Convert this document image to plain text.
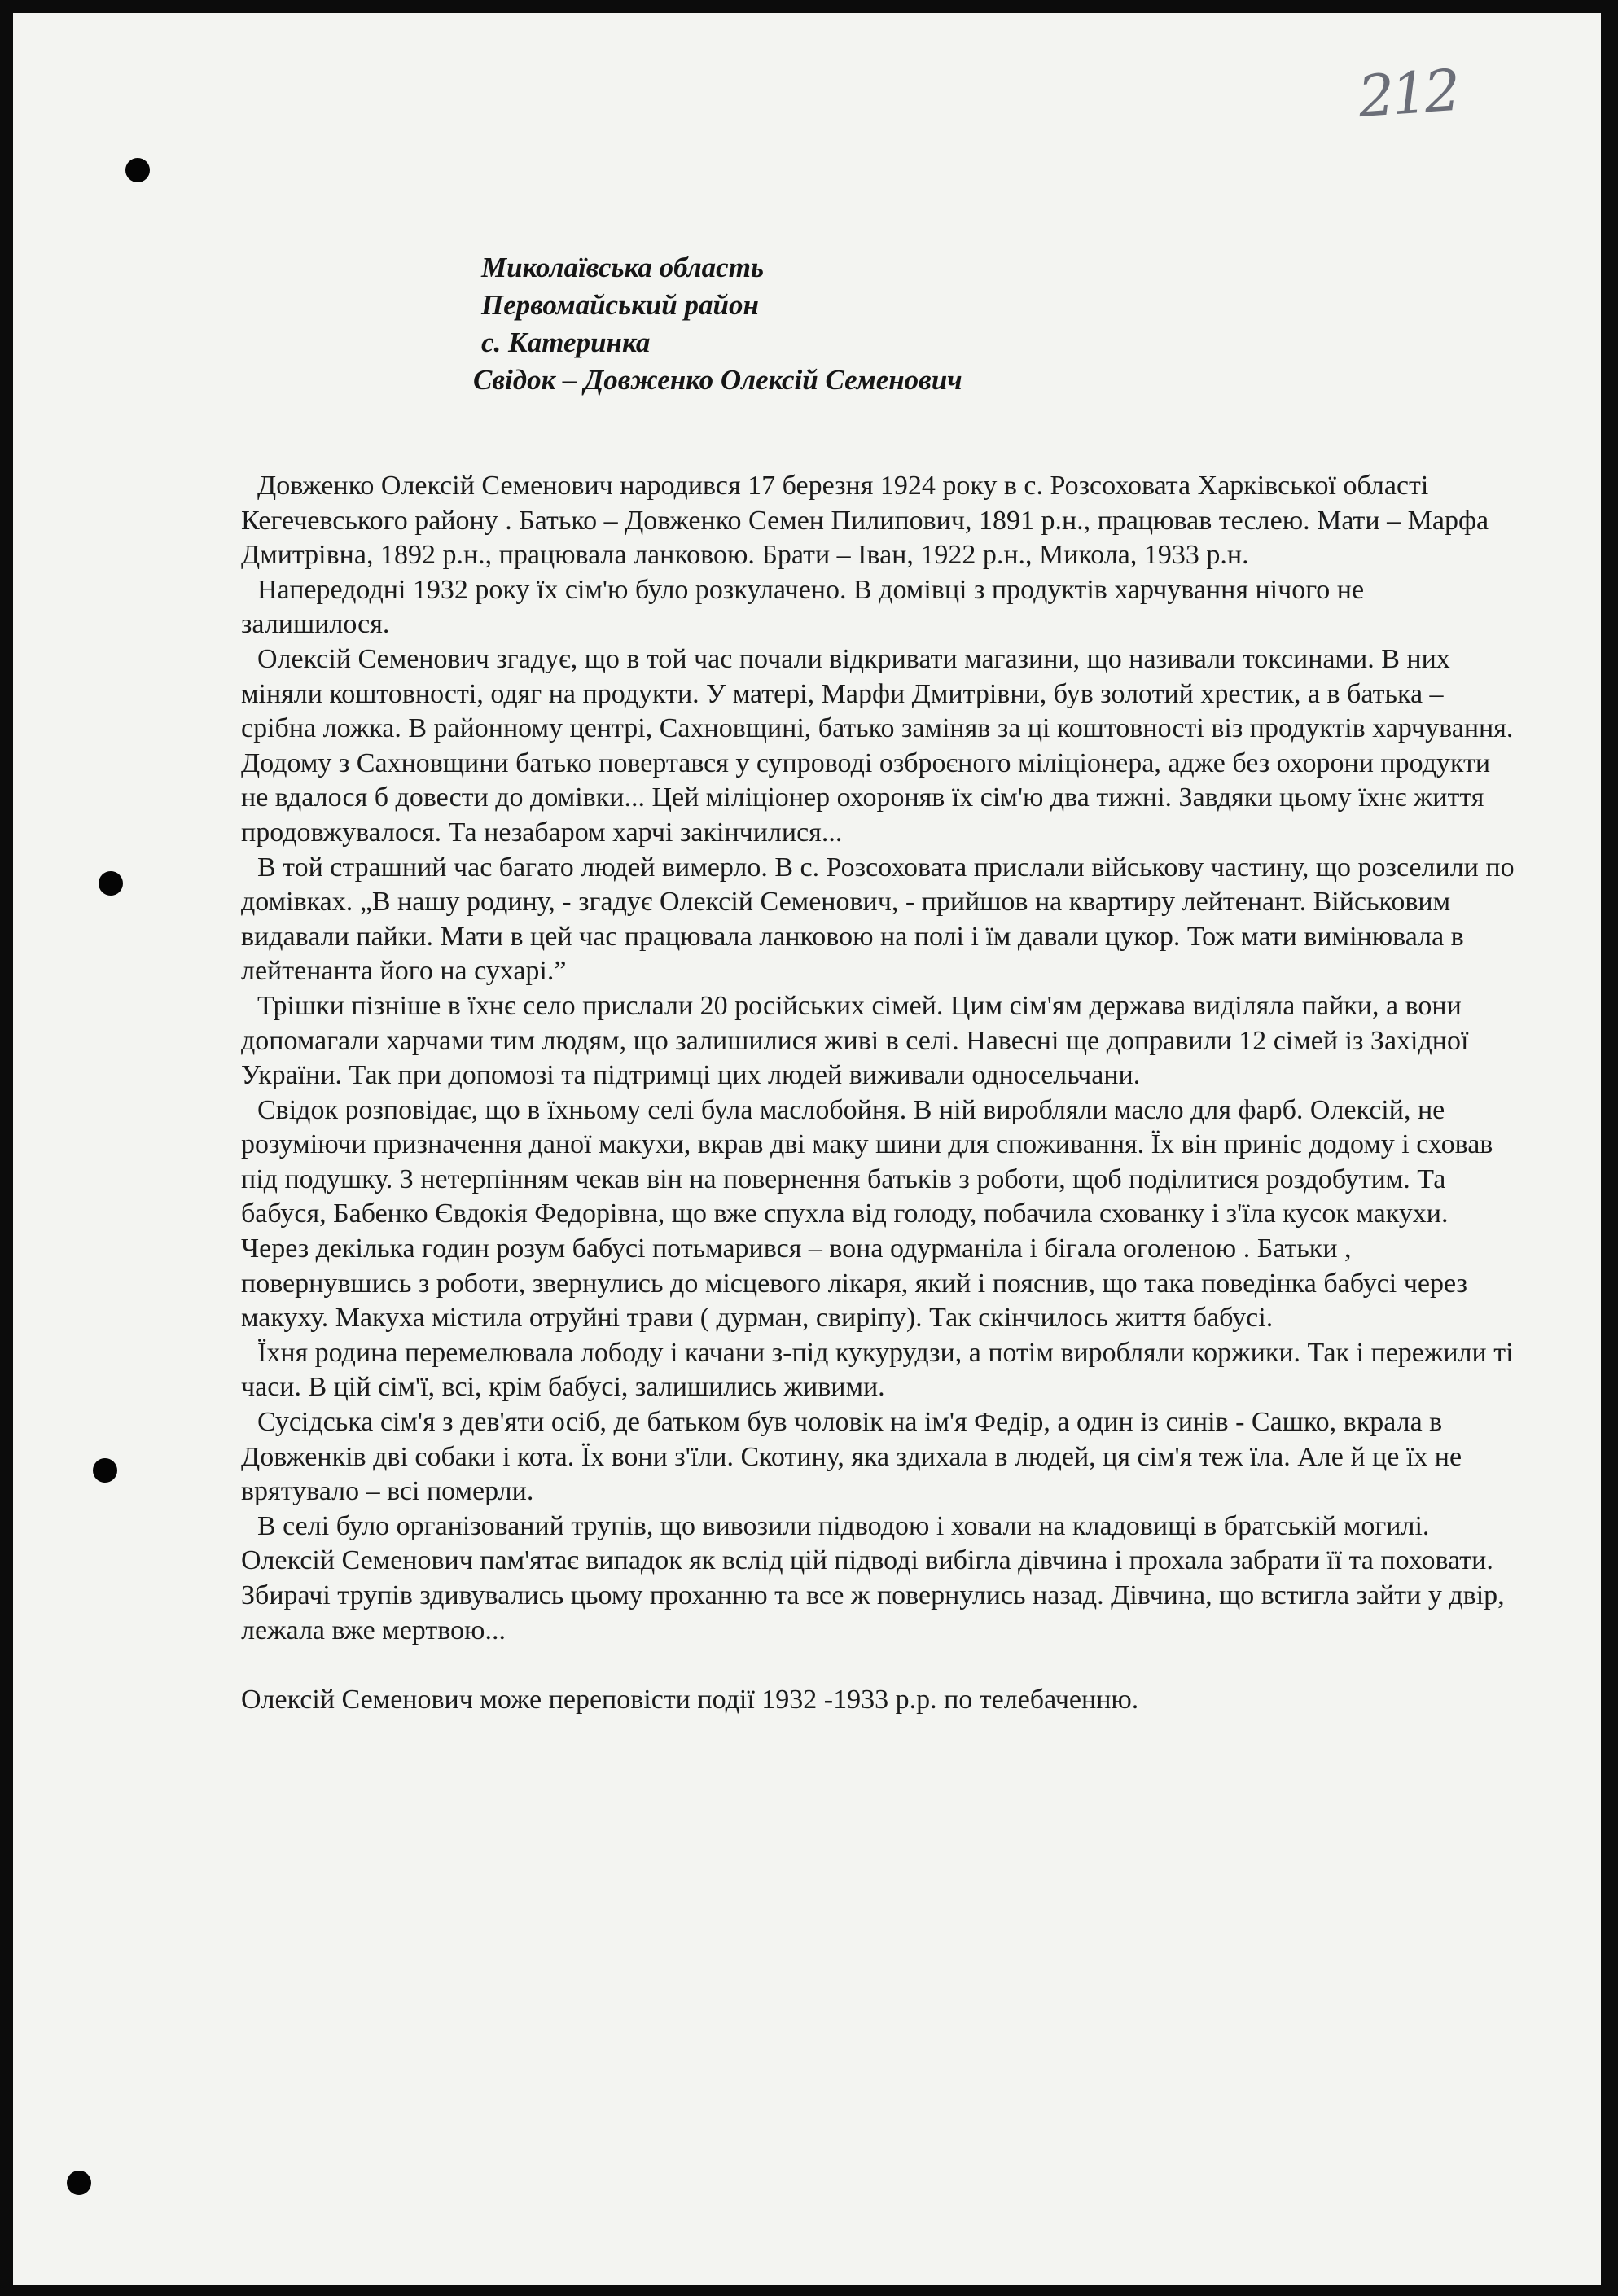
212
Миколаївська область
Первомайський район
с. Катеринка
Свідок – Довженко Олексій Семенович

Довженко Олексій Семенович народився 17 березня 1924 року в с. Розсоховата Харківської області Кегечевського району . Батько – Довженко Семен Пилипович, 1891 р.н., працював теслею. Мати – Марфа Дмитрівна, 1892 р.н., працювала ланковою. Брати – Іван, 1922 р.н., Микола, 1933 р.н.

Напередодні 1932 року їх сім'ю було розкулачено. В домівці з продуктів харчування нічого не залишилося.

Олексій Семенович згадує, що в той час почали відкривати магазини, що називали токсинами. В них міняли коштовності, одяг на продукти. У матері, Марфи Дмитрівни, був золотий хрестик, а в батька – срібна ложка. В районному центрі, Сахновщині, батько заміняв за ці коштовності віз продуктів харчування. Додому з Сахновщини батько повертався у супроводі озброєного міліціонера, адже без охорони продукти не вдалося б довести до домівки... Цей міліціонер охороняв їх сім'ю два тижні. Завдяки цьому їхнє життя продовжувалося. Та незабаром харчі закінчилися...

В той страшний час багато людей вимерло. В с. Розсоховата прислали військову частину, що розселили по домівках. „В нашу родину, - згадує Олексій Семенович, - прийшов на квартиру лейтенант. Військовим видавали пайки. Мати в цей час працювала ланковою на полі і їм давали цукор. Тож мати вимінювала в лейтенанта його на сухарі.”

Трішки пізніше в їхнє село прислали 20 російських сімей. Цим сім'ям держава виділяла пайки, а вони допомагали харчами тим людям, що залишилися живі в селі. Навесні ще доправили 12 сімей із Західної України. Так при допомозі та підтримці цих людей виживали односельчани.

Свідок розповідає, що в їхньому селі була маслобойня. В ній виробляли масло для фарб. Олексій, не розуміючи призначення даної макухи, вкрав дві маку шини для споживання. Їх він приніс додому і сховав під подушку. З нетерпінням чекав він на повернення батьків з роботи, щоб поділитися роздобутим. Та бабуся, Бабенко Євдокія Федорівна, що вже спухла від голоду, побачила схованку і з'їла кусок макухи. Через декілька годин розум бабусі потьмарився – вона одурманіла і бігала оголеною . Батьки , повернувшись з роботи, звернулись до місцевого лікаря, який і пояснив, що така поведінка бабусі через макуху. Макуха містила отруйні трави ( дурман, свиріпу). Так скінчилось життя бабусі.

Їхня родина перемелювала лободу і качани з-під кукурудзи, а потім виробляли коржики. Так і пережили ті часи. В цій сім'ї, всі, крім бабусі, залишились живими.

Сусідська сім'я з дев'яти осіб, де батьком був чоловік на ім'я Федір, а один із синів - Сашко, вкрала в Довженків дві собаки і кота. Їх вони з'їли. Скотину, яка здихала в людей, ця сім'я теж їла. Але й це їх не врятувало – всі померли.

В селі було організований трупів, що вивозили підводою і ховали на кладовищі в братській могилі. Олексій Семенович пам'ятає випадок як вслід цій підводі вибігла дівчина і прохала забрати її та поховати. Збирачі трупів здивувались цьому проханню та все ж повернулись назад. Дівчина, що встигла зайти у двір, лежала вже мертвою...

Олексій Семенович може переповісти події 1932 -1933 р.р. по телебаченню.
